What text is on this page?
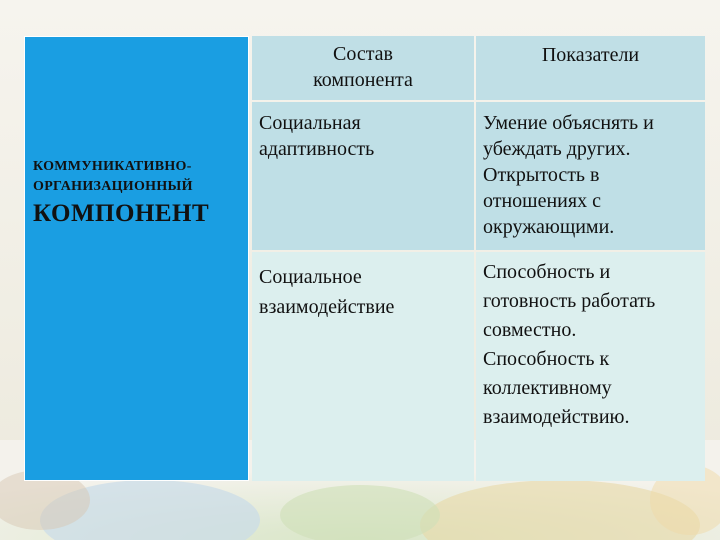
КОММУНИКАТИВНО-
ОРГАНИЗАЦИОННЫЙ
КОМПОНЕНТ
Состав
компонента
Показатели
Социальная
адаптивность
Умение объяснять и
убеждать других.
Открытость в
отношениях с
окружающими.
Социальное
взаимодействие
Способность и
готовность работать
совместно.
Способность к
коллективному
взаимодействию.
